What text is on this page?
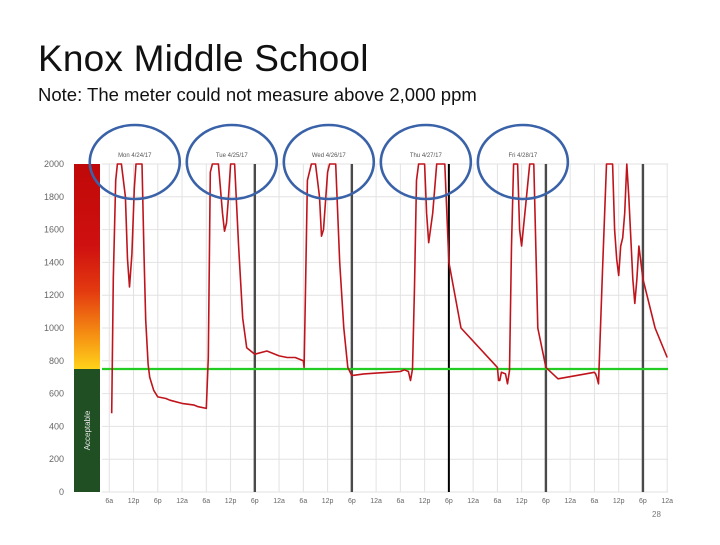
Knox Middle School

Note: The meter could not measure above 2,000 ppm

Acceptable
0
200
400
600
800
1000
1200
1400
1600
1800
2000
6a 12p 6p 12a 6a 12p 6p 12a 6a 12p 6p 12a 6a 12p 6p 12a 6a 12p 6p 12a 6a 12p 6p 12a
Mon 4/24/17	Tue 4/25/17	Wed 4/26/17	Thu 4/27/17	Fri 4/28/17
28
